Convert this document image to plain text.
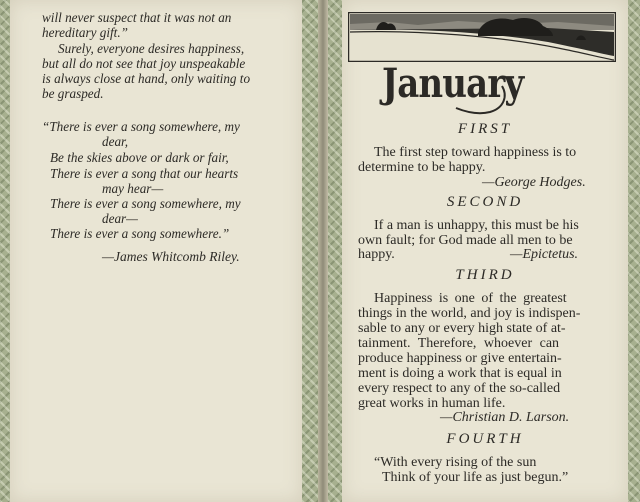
will never suspect that it was not an
hereditary gift.”
Surely, everyone desires happiness,
but all do not see that joy unspeakable
is always close at hand, only waiting to
be grasped.
“There is ever a song somewhere, my
dear,
Be the skies above or dark or fair,
There is ever a song that our hearts
may hear—
There is ever a song somewhere, my
dear—
There is ever a song somewhere.”
—James Whitcomb Riley.
January
FIRST
The first step toward happiness is to
determine to be happy.
—George Hodges.
SECOND
If a man is unhappy, this must be his
own fault; for God made all men to be
happy.	—Epictetus.
THIRD
Happiness is one of the greatest
things in the world, and joy is indispen-
sable to any or every high state of at-
tainment. Therefore, whoever can
produce happiness or give entertain-
ment is doing a work that is equal in
every respect to any of the so-called
great works in human life.
—Christian D. Larson.
FOURTH
“With every rising of the sun
Think of your life as just begun.”
